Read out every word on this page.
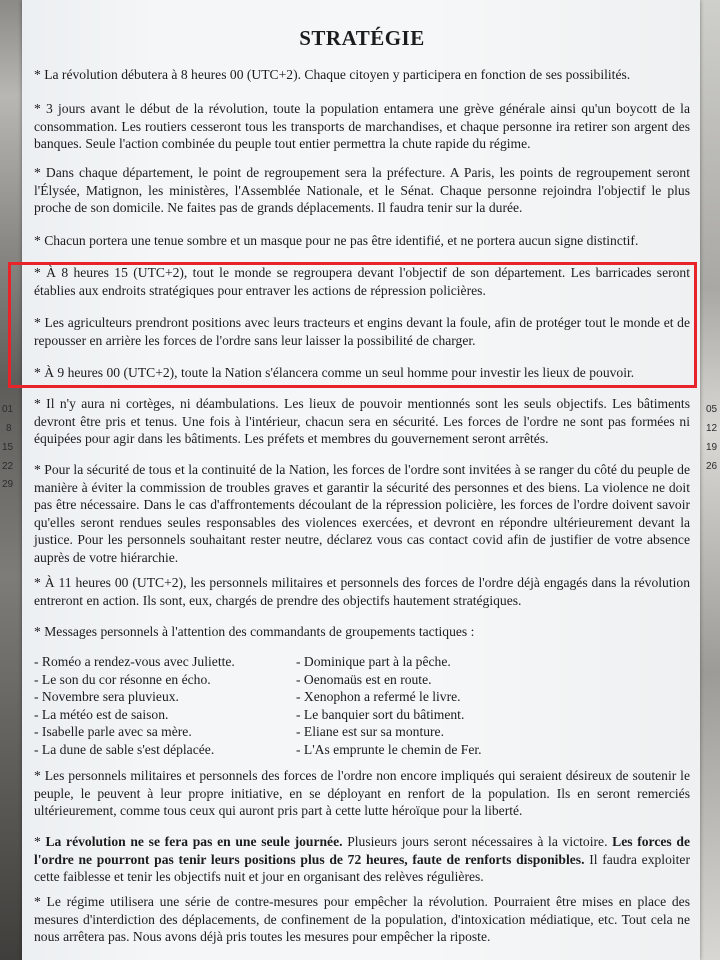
01
8
15
22
29
05
12
19
26
STRATÉGIE

* La révolution débutera à 8 heures 00 (UTC+2). Chaque citoyen y participera en fonction de ses possibilités.

* 3 jours avant le début de la révolution, toute la population entamera une grève générale ainsi qu'un boycott de la consommation. Les routiers cesseront tous les transports de marchandises, et chaque personne ira retirer son argent des banques. Seule l'action combinée du peuple tout entier permettra la chute rapide du régime.

* Dans chaque département, le point de regroupement sera la préfecture. A Paris, les points de regroupement seront l'Élysée, Matignon, les ministères, l'Assemblée Nationale, et le Sénat. Chaque personne rejoindra l'objectif le plus proche de son domicile. Ne faites pas de grands déplacements. Il faudra tenir sur la durée.

* Chacun portera une tenue sombre et un masque pour ne pas être identifié, et ne portera aucun signe distinctif.

* À 8 heures 15 (UTC+2), tout le monde se regroupera devant l'objectif de son département. Les barricades seront établies aux endroits stratégiques pour entraver les actions de répression policières.

* Les agriculteurs prendront positions avec leurs tracteurs et engins devant la foule, afin de protéger tout le monde et de repousser en arrière les forces de l'ordre sans leur laisser la possibilité de charger.

* À 9 heures 00 (UTC+2), toute la Nation s'élancera comme un seul homme pour investir les lieux de pouvoir.

* Il n'y aura ni cortèges, ni déambulations. Les lieux de pouvoir mentionnés sont les seuls objectifs. Les bâtiments devront être pris et tenus. Une fois à l'intérieur, chacun sera en sécurité. Les forces de l'ordre ne sont pas formées ni équipées pour agir dans les bâtiments. Les préfets et membres du gouvernement seront arrêtés.

* Pour la sécurité de tous et la continuité de la Nation, les forces de l'ordre sont invitées à se ranger du côté du peuple de manière à éviter la commission de troubles graves et garantir la sécurité des personnes et des biens. La violence ne doit pas être nécessaire. Dans le cas d'affrontements découlant de la répression policière, les forces de l'ordre doivent savoir qu'elles seront rendues seules responsables des violences exercées, et devront en répondre ultérieurement devant la justice. Pour les personnels souhaitant rester neutre, déclarez vous cas contact covid afin de justifier de votre absence auprès de votre hiérarchie.

* À 11 heures 00 (UTC+2), les personnels militaires et personnels des forces de l'ordre déjà engagés dans la révolution entreront en action. Ils sont, eux, chargés de prendre des objectifs hautement stratégiques.

* Messages personnels à l'attention des commandants de groupements tactiques :

- Roméo a rendez-vous avec Juliette.
- Le son du cor résonne en écho.
- Novembre sera pluvieux.
- La météo est de saison.
- Isabelle parle avec sa mère.
- La dune de sable s'est déplacée.
- Dominique part à la pêche.
- Oenomaüs est en route.
- Xenophon a refermé le livre.
- Le banquier sort du bâtiment.
- Eliane est sur sa monture.
- L'As emprunte le chemin de Fer.

* Les personnels militaires et personnels des forces de l'ordre non encore impliqués qui seraient désireux de soutenir le peuple, le peuvent à leur propre initiative, en se déployant en renfort de la population. Ils en seront remerciés ultérieurement, comme tous ceux qui auront pris part à cette lutte héroïque pour la liberté.

* La révolution ne se fera pas en une seule journée. Plusieurs jours seront nécessaires à la victoire. Les forces de l'ordre ne pourront pas tenir leurs positions plus de 72 heures, faute de renforts disponibles. Il faudra exploiter cette faiblesse et tenir les objectifs nuit et jour en organisant des relèves régulières.

* Le régime utilisera une série de contre-mesures pour empêcher la révolution. Pourraient être mises en place des mesures d'interdiction des déplacements, de confinement de la population, d'intoxication médiatique, etc. Tout cela ne nous arrêtera pas. Nous avons déjà pris toutes les mesures pour empêcher la riposte.
